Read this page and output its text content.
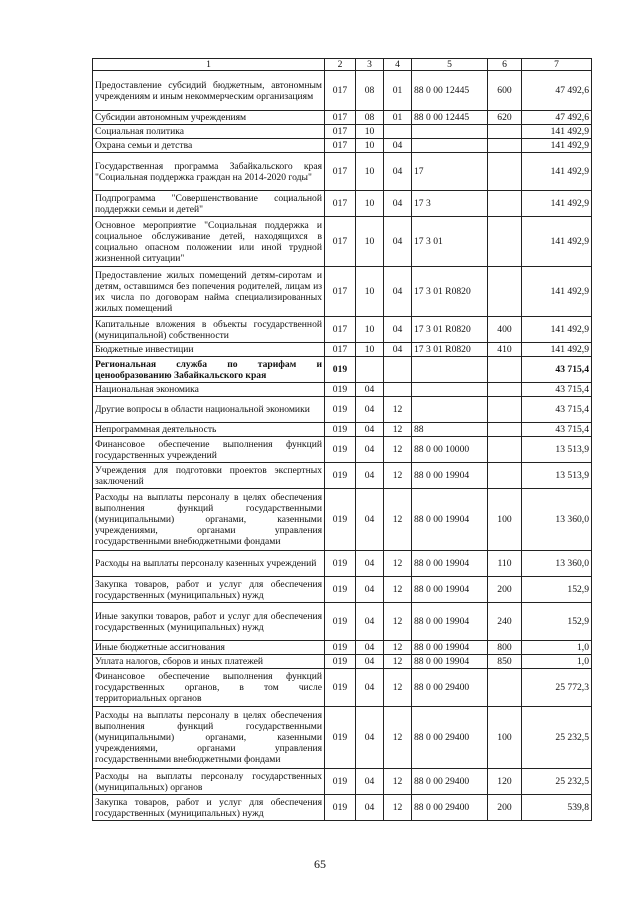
1	2	3	4	5	6	7
Предоставление субсидий бюджетным, автономным учреждениям и иным некоммерческим организациям	017	08	01	88 0 00 12445	600	47 492,6
Субсидии автономным учреждениям	017	08	01	88 0 00 12445	620	47 492,6
Социальная политика	017	10				141 492,9
Охрана семьи и детства	017	10	04			141 492,9
Государственная программа Забайкальского края "Социальная поддержка граждан на 2014-2020 годы"	017	10	04	17		141 492,9
Подпрограмма "Совершенствование социальной поддержки семьи и детей"	017	10	04	17 3		141 492,9
Основное мероприятие "Социальная поддержка и социальное обслуживание детей, находящихся в социально опасном положении или иной трудной жизненной ситуации"	017	10	04	17 3 01		141 492,9
Предоставление жилых помещений детям-сиротам и детям, оставшимся без попечения родителей, лицам из их числа по договорам найма специализированных жилых помещений	017	10	04	17 3 01 R0820		141 492,9
Капитальные вложения в объекты государственной (муниципальной) собственности	017	10	04	17 3 01 R0820	400	141 492,9
Бюджетные инвестиции	017	10	04	17 3 01 R0820	410	141 492,9
Региональная служба по тарифам и ценообразованию Забайкальского края	019					43 715,4
Национальная экономика	019	04				43 715,4
Другие вопросы в области национальной экономики	019	04	12			43 715,4
Непрограммная деятельность	019	04	12	88		43 715,4
Финансовое обеспечение выполнения функций государственных учреждений	019	04	12	88 0 00 10000		13 513,9
Учреждения для подготовки проектов экспертных заключений	019	04	12	88 0 00 19904		13 513,9
Расходы на выплаты персоналу в целях обеспечения выполнения функций государственными (муниципальными) органами, казенными учреждениями, органами управления государственными внебюджетными фондами	019	04	12	88 0 00 19904	100	13 360,0
Расходы на выплаты персоналу казенных учреждений	019	04	12	88 0 00 19904	110	13 360,0
Закупка товаров, работ и услуг для обеспечения государственных (муниципальных) нужд	019	04	12	88 0 00 19904	200	152,9
Иные закупки товаров, работ и услуг для обеспечения государственных (муниципальных) нужд	019	04	12	88 0 00 19904	240	152,9
Иные бюджетные ассигнования	019	04	12	88 0 00 19904	800	1,0
Уплата налогов, сборов и иных платежей	019	04	12	88 0 00 19904	850	1,0
Финансовое обеспечение выполнения функций государственных органов, в том числе территориальных органов	019	04	12	88 0 00 29400		25 772,3
Расходы на выплаты персоналу в целях обеспечения выполнения функций государственными (муниципальными) органами, казенными учреждениями, органами управления государственными внебюджетными фондами	019	04	12	88 0 00 29400	100	25 232,5
Расходы на выплаты персоналу государственных (муниципальных) органов	019	04	12	88 0 00 29400	120	25 232,5
Закупка товаров, работ и услуг для обеспечения государственных (муниципальных) нужд	019	04	12	88 0 00 29400	200	539,8
65
